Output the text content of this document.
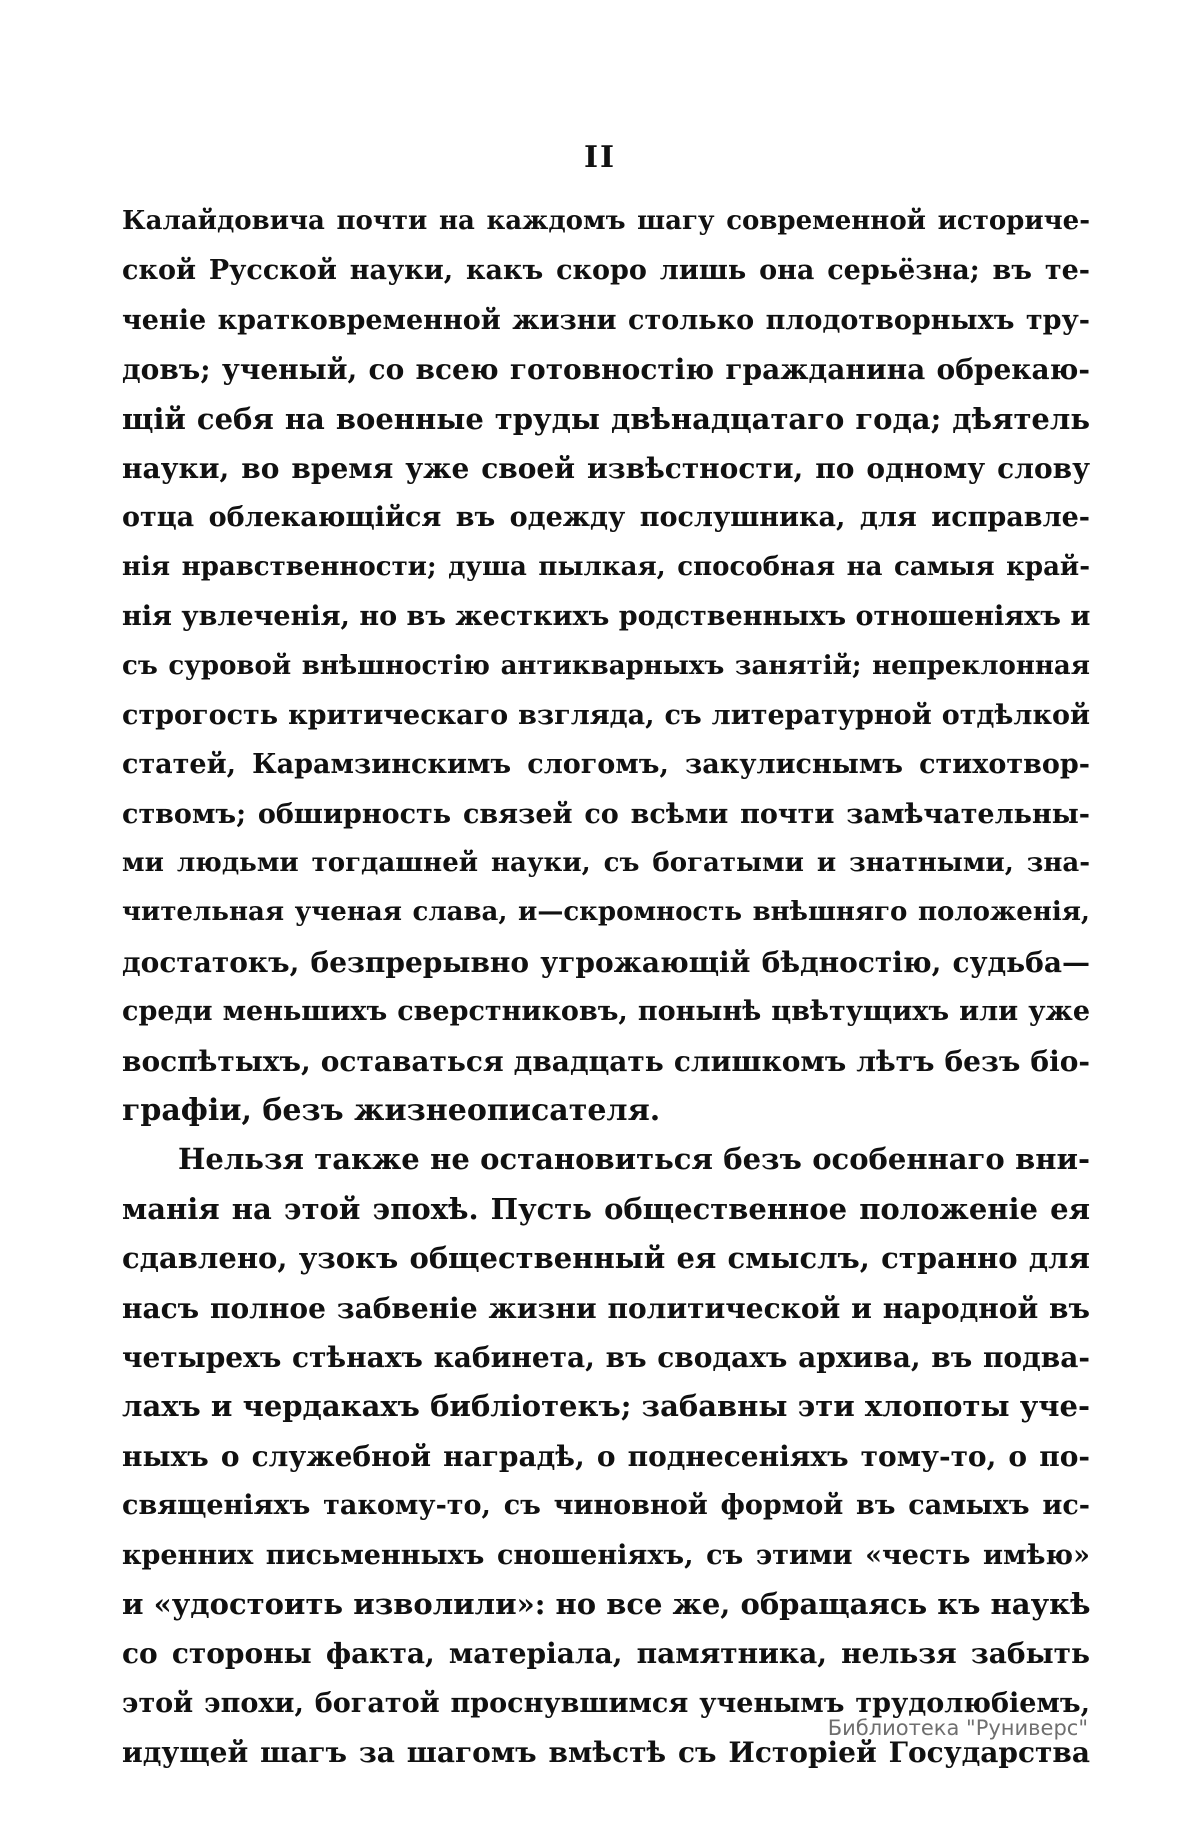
II
Калайдовича почти на каждомъ шагу современной историче-
ской Русской науки, какъ скоро лишь она серьёзна; въ те-
ченіе кратковременной жизни столько плодотворныхъ тру-
довъ; ученый, со всею готовностію гражданина обрекаю-
щій себя на военные труды двѣнадцатаго года; дѣятель
науки, во время уже своей извѣстности, по одному слову
отца облекающійся въ одежду послушника, для исправле-
нія нравственности; душа пылкая, способная на самыя край-
нія увлеченія, но въ жесткихъ родственныхъ отношеніяхъ и
съ суровой внѣшностію антикварныхъ занятій; непреклонная
строгость критическаго взгляда, съ литературной отдѣлкой
статей, Карамзинскимъ слогомъ, закулиснымъ стихотвор-
ствомъ; обширность связей со всѣми почти замѣчательны-
ми людьми тогдашней науки, съ богатыми и знатными, зна-
чительная ученая слава, и—скромность внѣшняго положенія,
достатокъ, безпрерывно угрожающій бѣдностію, судьба—
среди меньшихъ сверстниковъ, понынѣ цвѣтущихъ или уже
воспѣтыхъ, оставаться двадцать слишкомъ лѣтъ безъ біо-
графіи, безъ жизнеописателя.
Нельзя также не остановиться безъ особеннаго вни-
манія на этой эпохѣ. Пусть общественное положеніе ея
сдавлено, узокъ общественный ея смыслъ, странно для
насъ полное забвеніе жизни политической и народной въ
четырехъ стѣнахъ кабинета, въ сводахъ архива, въ подва-
лахъ и чердакахъ библіотекъ; забавны эти хлопоты уче-
ныхъ о служебной наградѣ, о поднесеніяхъ тому-то, о по-
священіяхъ такому-то, съ чиновной формой въ самыхъ ис-
кренних письменныхъ сношеніяхъ, съ этими «честь имѣю»
и «удостоить изволили»: но все же, обращаясь къ наукѣ
со стороны факта, матеріала, памятника, нельзя забыть
этой эпохи, богатой проснувшимся ученымъ трудолюбіемъ,
идущей шагъ за шагомъ вмѣстѣ съ Исторіей Государства
Библиотека "Руниверс"
